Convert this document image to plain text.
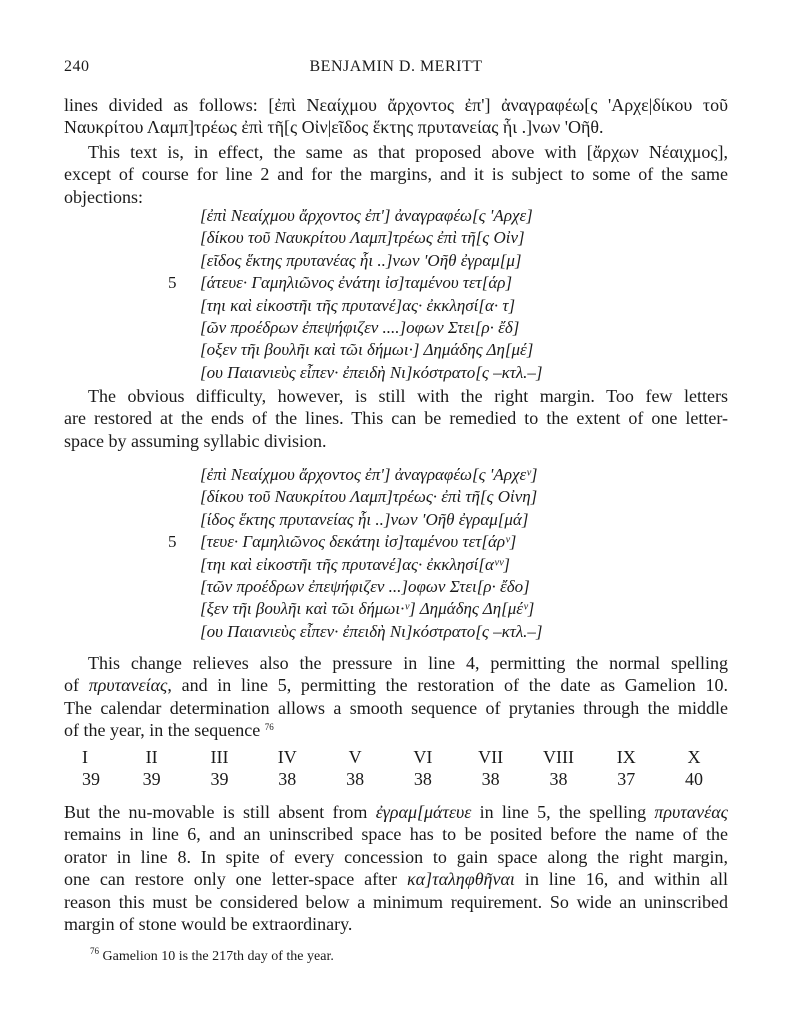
240	BENJAMIN D. MERITT
lines divided as follows: [ἐπὶ Νεαίχμου ἄρχοντος ἐπ'] ἀναγραφέω[ς 'Αρχε|δίκου τοῦ
Ναυκρίτου Λαμπ]τρέως ἐπὶ τῆ[ς Οἰν|εῖδος ἕκτης πρυτανείας ἧι .]νων 'Οῆθ.
This text is, in effect, the same as that proposed above with [ἄρχων Νέαιχμος],
except of course for line 2 and for the margins, and it is subject to some of the same
objections:
[ἐπὶ Νεαίχμου ἄρχοντος ἐπ'] ἀναγραφέω[ς 'Αρχε]
[δίκου τοῦ Ναυκρίτου Λαμπ]τρέως ἐπὶ τῆ[ς Οἰν]
[εῖδος ἕκτης πρυτανέας ἧι ..]νων 'Οῆθ ἐγραμ[μ]
5 [άτευε· Γαμηλιῶνος ἐνάτηι ἰσ]ταμένου τετ[άρ]
[τηι καὶ εἰκοστῆι τῆς πρυτανέ]ας· ἐκκλησί[α· τ]
[ῶν προέδρων ἐπεψήφιζεν ....]οφων Στει[ρ· ἔδ]
[οξεν τῆι βουλῆι καὶ τῶι δήμωι·] Δημάδης Δη[μέ]
[ου Παιανιεὺς εἶπεν· ἐπειδὴ Νι]κόστρατο[ς –κτλ.–]
The obvious difficulty, however, is still with the right margin. Too few letters
are restored at the ends of the lines. This can be remedied to the extent of one letter-
space by assuming syllabic division.
[ἐπὶ Νεαίχμου ἄρχοντος ἐπ'] ἀναγραφέω[ς 'Αρχεᵛ]
[δίκου τοῦ Ναυκρίτου Λαμπ]τρέως· ἐπὶ τῆ[ς Οἰνη]
[ίδος ἕκτης πρυτανείας ἧι ..]νων 'Οῆθ ἐγραμ[μά]
5 [τευε· Γαμηλιῶνος δεκάτηι ἰσ]ταμένου τετ[άρᵛ]
[τηι καὶ εἰκοστῆι τῆς πρυτανέ]ας· ἐκκλησί[αᵛᵛ]
[τῶν προέδρων ἐπεψήφιζεν ...]οφων Στει[ρ· ἔδο]
[ξεν τῆι βουλῆι καὶ τῶι δήμωι·ᵛ] Δημάδης Δη[μέᵛ]
[ου Παιανιεὺς εἶπεν· ἐπειδὴ Νι]κόστρατο[ς –κτλ.–]
This change relieves also the pressure in line 4, permitting the normal spelling
of πρυτανείας, and in line 5, permitting the restoration of the date as Gamelion 10.
The calendar determination allows a smooth sequence of prytanies through the middle
of the year, in the sequence $^{76}$
I	II	III	IV	V	VI	VII	VIII	IX	X
39	39	39	38	38	38	38	38	37	40
But the nu-movable is still absent from ἐγραμ[μάτευε in line 5, the spelling πρυτανέας
remains in line 6, and an uninscribed space has to be posited before the name of the
orator in line 8. In spite of every concession to gain space along the right margin,
one can restore only one letter-space after κα]ταληφθῆναι in line 16, and within all
reason this must be considered below a minimum requirement. So wide an uninscribed
margin of stone would be extraordinary.
$^{76}$ Gamelion 10 is the 217th day of the year.
